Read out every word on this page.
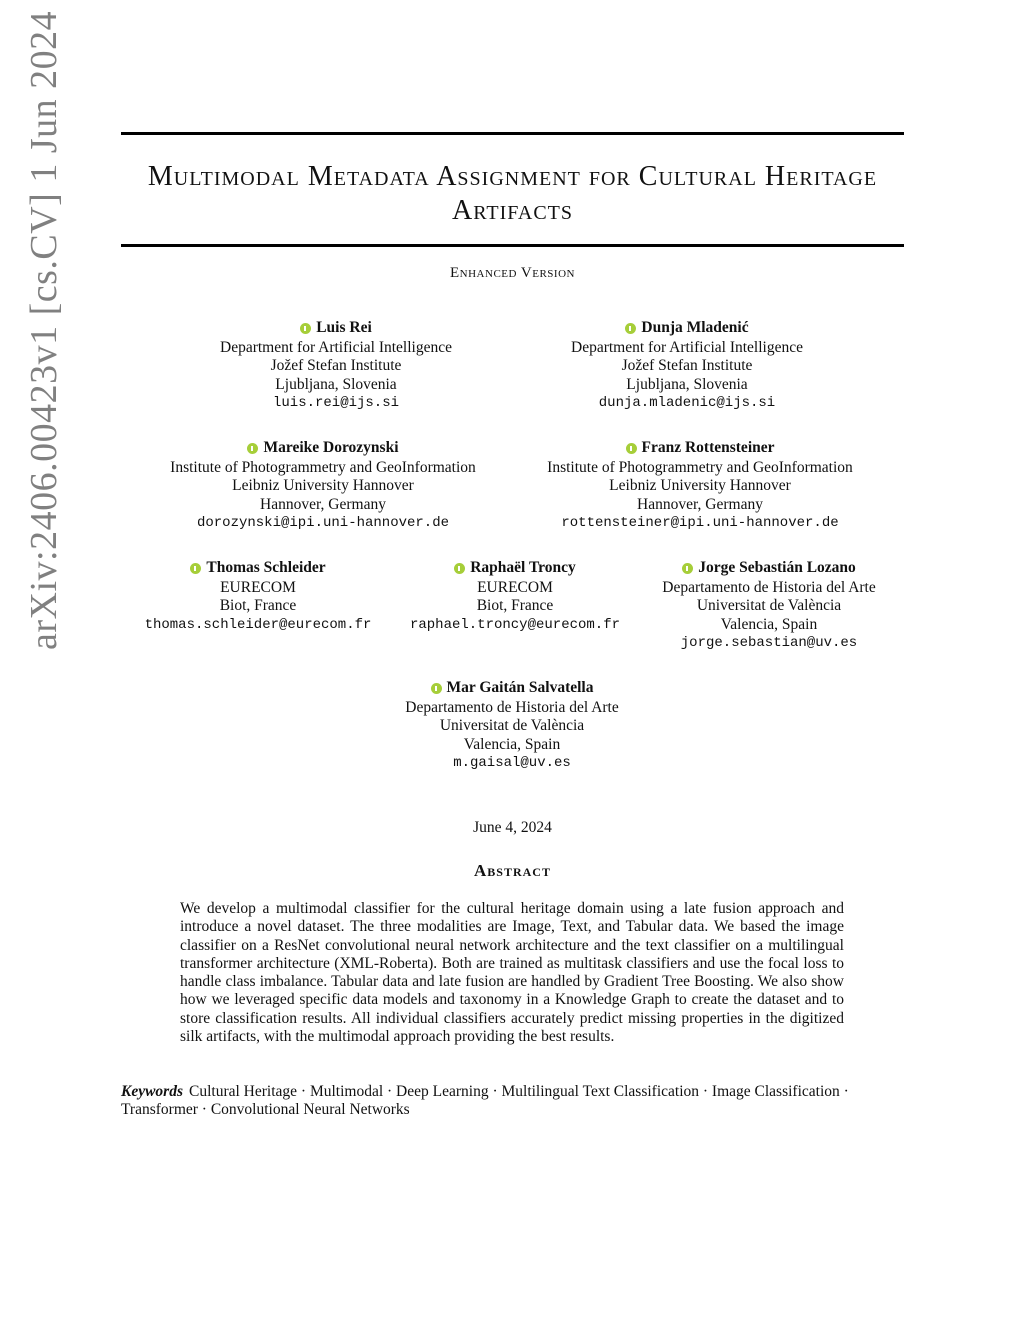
arXiv:2406.00423v1 [cs.CV] 1 Jun 2024	Multimodal Metadata Assignment for Cultural Heritage Artifacts
Enhanced Version
Luis Rei
Department for Artificial Intelligence
Jožef Stefan Institute
Ljubljana, Slovenia
luis.rei@ijs.si
Dunja Mladenić
Department for Artificial Intelligence
Jožef Stefan Institute
Ljubljana, Slovenia
dunja.mladenic@ijs.si
Mareike Dorozynski
Institute of Photogrammetry and GeoInformation
Leibniz University Hannover
Hannover, Germany
dorozynski@ipi.uni-hannover.de
Franz Rottensteiner
Institute of Photogrammetry and GeoInformation
Leibniz University Hannover
Hannover, Germany
rottensteiner@ipi.uni-hannover.de
Thomas Schleider
EURECOM
Biot, France
thomas.schleider@eurecom.fr
Raphaël Troncy
EURECOM
Biot, France
raphael.troncy@eurecom.fr
Jorge Sebastián Lozano
Departamento de Historia del Arte
Universitat de València
Valencia, Spain
jorge.sebastian@uv.es
Mar Gaitán Salvatella
Departamento de Historia del Arte
Universitat de València
Valencia, Spain
m.gaisal@uv.es
June 4, 2024
Abstract
We develop a multimodal classifier for the cultural heritage domain using a late fusion approach and introduce a novel dataset. The three modalities are Image, Text, and Tabular data. We based the image classifier on a ResNet convolutional neural network architecture and the text classifier on a multilingual transformer architecture (XML-Roberta). Both are trained as multitask classifiers and use the focal loss to handle class imbalance. Tabular data and late fusion are handled by Gradient Tree Boosting. We also show how we leveraged specific data models and taxonomy in a Knowledge Graph to create the dataset and to store classification results. All individual classifiers accurately predict missing properties in the digitized silk artifacts, with the multimodal approach providing the best results.
Keywords Cultural Heritage · Multimodal · Deep Learning · Multilingual Text Classification · Image Classification · Transformer · Convolutional Neural Networks
